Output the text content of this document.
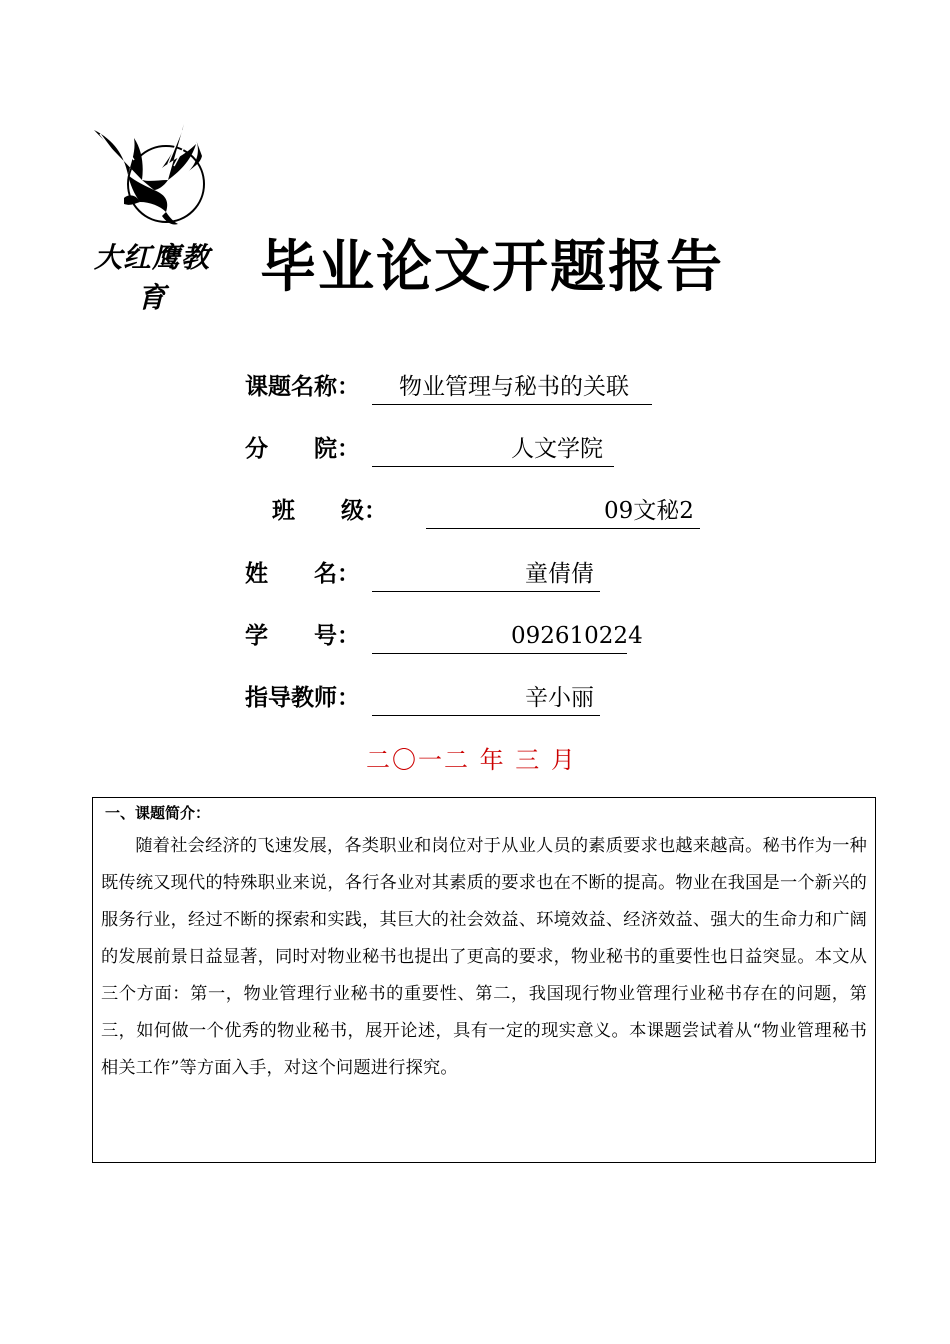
大红鹰教育	毕业论文开题报告
课题名称： 物业管理与秘书的关联
分　　院：	人文学院
班　　级：	09文秘2
姓　　名：	童倩倩
学　　号：	092610224
指导教师：	辛小丽
二〇一二 年 三 月
一、课题简介：
随着社会经济的飞速发展，各类职业和岗位对于从业人员的素质要求也越来越高。秘书作为一种既传统又现代的特殊职业来说，各行各业对其素质的要求也在不断的提高。物业在我国是一个新兴的服务行业，经过不断的探索和实践，其巨大的社会效益、环境效益、经济效益、强大的生命力和广阔的发展前景日益显著，同时对物业秘书也提出了更高的要求，物业秘书的重要性也日益突显。本文从三个方面：第一，物业管理行业秘书的重要性、第二，我国现行物业管理行业秘书存在的问题，第三，如何做一个优秀的物业秘书，展开论述，具有一定的现实意义。本课题尝试着从“物业管理秘书相关工作”等方面入手，对这个问题进行探究。
